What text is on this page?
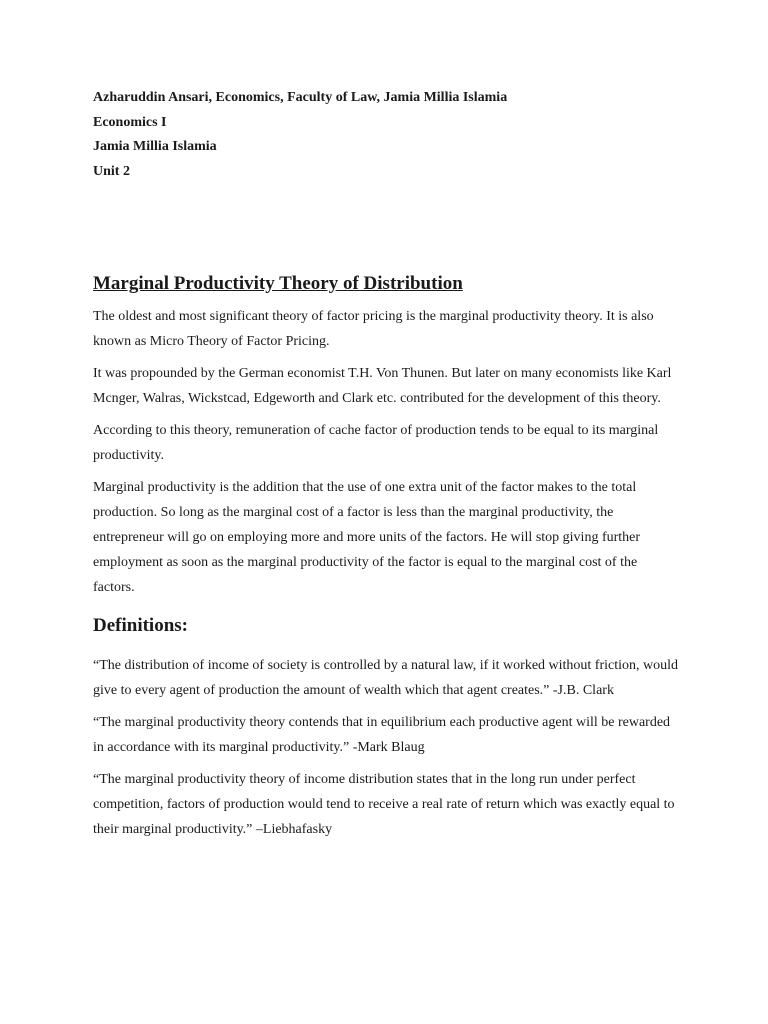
Azharuddin Ansari, Economics, Faculty of Law, Jamia Millia Islamia

Economics I

Jamia Millia Islamia

Unit 2

Marginal Productivity Theory of Distribution

The oldest and most significant theory of factor pricing is the marginal productivity theory. It is also known as Micro Theory of Factor Pricing.

It was propounded by the German economist T.H. Von Thunen. But later on many economists like Karl Mcnger, Walras, Wickstcad, Edgeworth and Clark etc. contributed for the development of this theory.

According to this theory, remuneration of cache factor of production tends to be equal to its marginal productivity.

Marginal productivity is the addition that the use of one extra unit of the factor makes to the total production. So long as the marginal cost of a factor is less than the marginal productivity, the entrepreneur will go on employing more and more units of the factors. He will stop giving further employment as soon as the marginal productivity of the factor is equal to the marginal cost of the factors.

Definitions:

“The distribution of income of society is controlled by a natural law, if it worked without friction, would give to every agent of production the amount of wealth which that agent creates.” -J.B. Clark

“The marginal productivity theory contends that in equilibrium each productive agent will be rewarded in accordance with its marginal productivity.” -Mark Blaug

“The marginal productivity theory of income distribution states that in the long run under perfect competition, factors of production would tend to receive a real rate of return which was exactly equal to their marginal productivity.” –Liebhafasky
